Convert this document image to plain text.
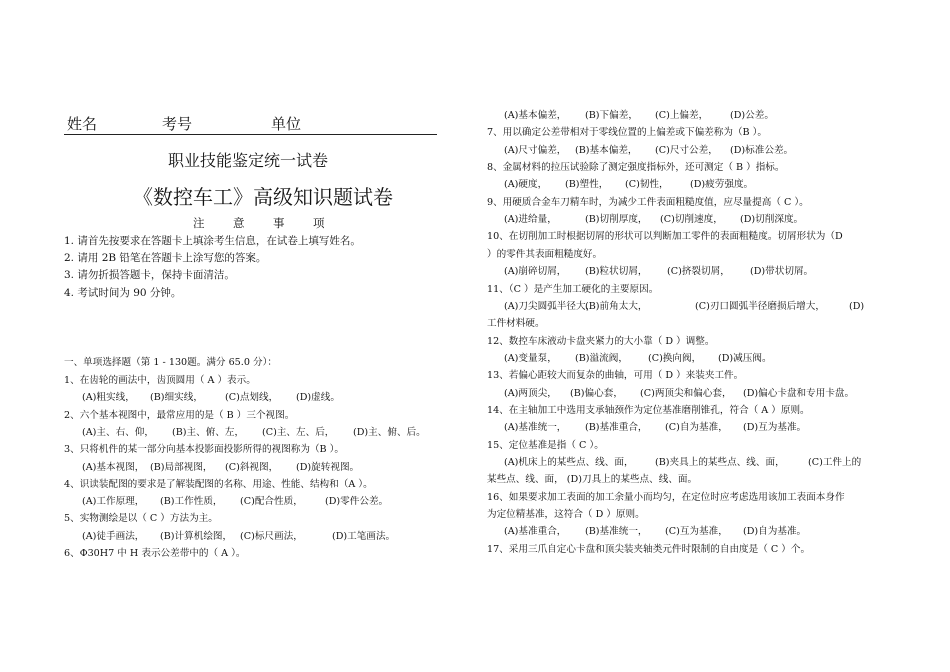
姓名	考号	单位
职业技能鉴定统一试卷
《数控车工》高级知识题试卷
注 意 事 项
1. 请首先按要求在答题卡上填涂考生信息，在试卷上填写姓名。
2. 请用 2B 铅笔在答题卡上涂写您的答案。
3. 请勿折损答题卡，保持卡面清洁。
4. 考试时间为 90 分钟。
一、单项选择题（第 1 - 130题。满分 65.0 分）：
1、在齿轮的画法中，齿顶圆用（ A ）表示。
(A)粗实线， (B)细实线， (C)点划线， (D)虚线。
2、六个基本视图中，最常应用的是（ B ）三个视图。
(A)主、右、仰， (B)主、俯、左， (C)主、左、后， (D)主、俯、后。
3、只将机件的某一部分向基本投影面投影所得的视图称为（B ）。
(A)基本视图， (B)局部视图， (C)斜视图， (D)旋转视图。
4、识读装配图的要求是了解装配图的名称、用途、性能、结构和（A ）。
(A)工作原理， (B)工作性质， (C)配合性质， (D)零件公差。
5、实物测绘是以（ C ）方法为主。
(A)徒手画法， (B)计算机绘图， (C)标尺画法，	(D)工笔画法。
6、Φ30H7 中 H 表示公差带中的（ A ）。
(A)基本偏差， (B)下偏差， (C)上偏差， (D)公差。
7、用以确定公差带相对于零线位置的上偏差或下偏差称为（B ）。
(A)尺寸偏差， (B)基本偏差， (C)尺寸公差， (D)标准公差。
8、金属材料的拉压试验除了测定强度指标外，还可测定（ B ）指标。
(A)硬度， (B)塑性， (C)韧性， (D)疲劳强度。
9、用硬质合金车刀精车时，为减少工件表面粗糙度值，应尽量提高（ C ）。
(A)进给量，	(B)切削厚度， (C)切削速度， (D)切削深度。
10、在切削加工时根据切屑的形状可以判断加工零件的表面粗糙度。切屑形状为（D
）的零件其表面粗糙度好。
(A)崩碎切屑， (B)粒状切屑， (C)挤裂切屑， (D)带状切屑。
11、（C ）是产生加工硬化的主要原因。
(A)刀尖圆弧半径大，
(B)前角太大，	(C)刃口圆弧半径磨损后增大，	(D)
工件材料硬。
12、数控车床液动卡盘夹紧力的大小靠（ D ）调整。
(A)变量泵， (B)溢流阀， (C)换向阀， (D)减压阀。
13、若偏心距较大而复杂的曲轴，可用（ D ）来装夹工件。
(A)两顶尖， (B)偏心套， (C)两顶尖和偏心套， (D)偏心卡盘和专用卡盘。
14、在主轴加工中选用支承轴颈作为定位基准磨削锥孔，符合（ A ）原则。
(A)基准统一， (B)基准重合， (C)自为基准， (D)互为基准。
15、定位基准是指（ C ）。
(A)机床上的某些点、线、面， (B)夹具上的某些点、线、面， (C)工件上的
某些点、线、面， (D)刀具上的某些点、线、面。
16、如果要求加工表面的加工余量小而均匀，在定位时应考虑选用该加工表面本身作
为定位精基准，这符合（ D ）原则。
(A)基准重合， (B)基准统一， (C)互为基准， (D)自为基准。
17、采用三爪自定心卡盘和顶尖装夹轴类元件时限制的自由度是（ C ）个。
